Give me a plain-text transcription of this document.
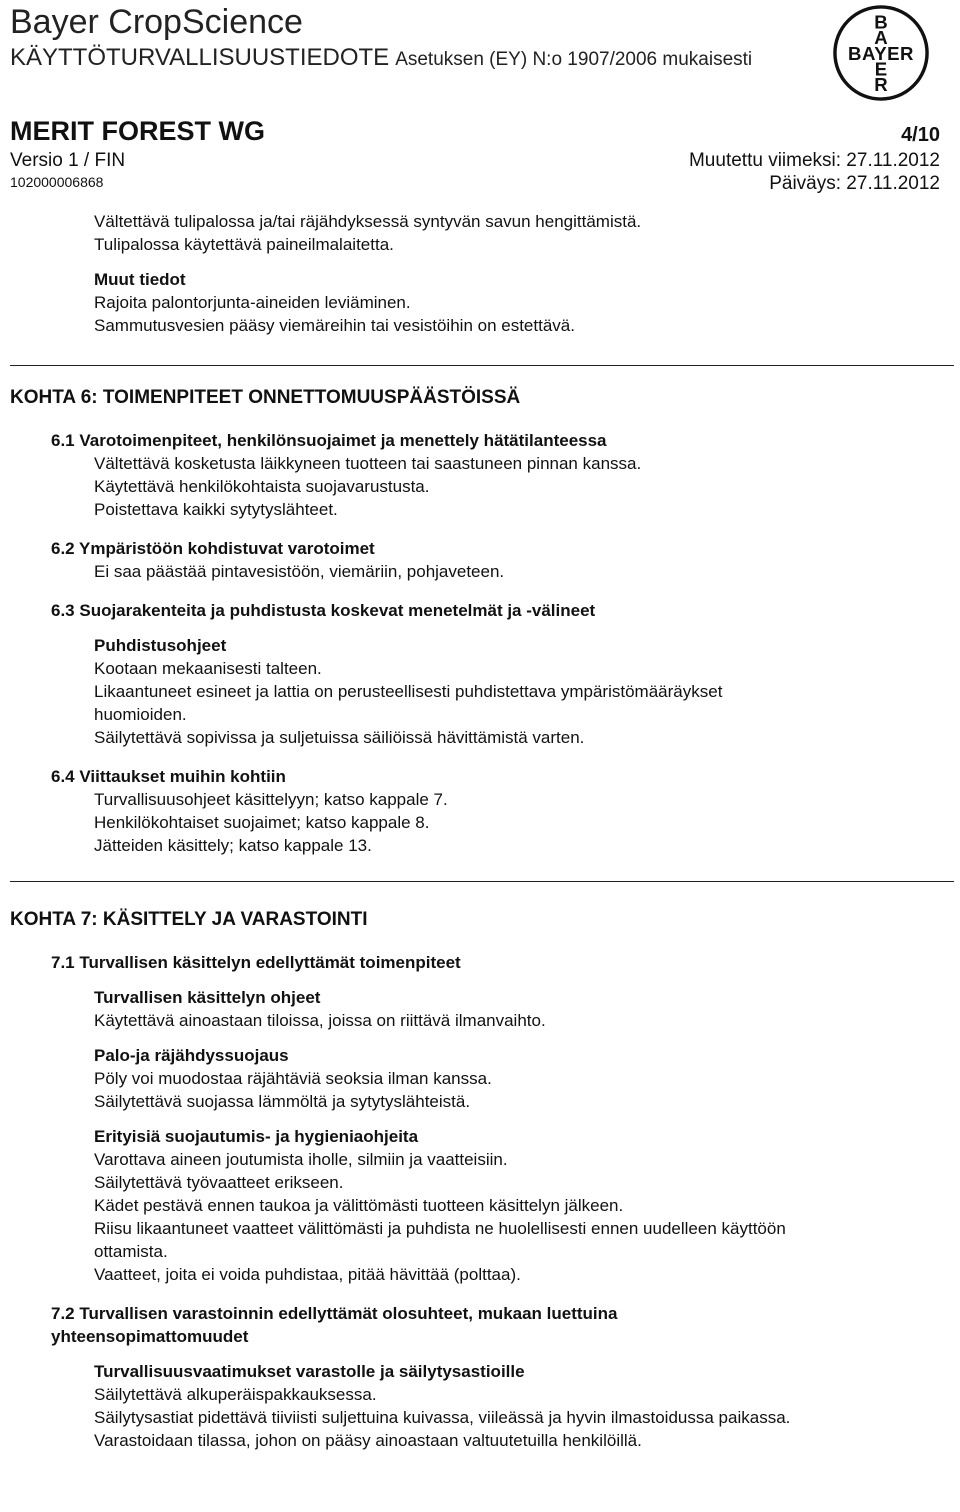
Bayer CropScience
KÄYTTÖTURVALLISUUSTIEDOTE Asetuksen (EY) N:o 1907/2006 mukaisesti
B
A
BAYER
E
R
MERIT FOREST WG	4/10
Versio 1 / FIN	Muutettu viimeksi: 27.11.2012
102000006868	Päiväys: 27.11.2012
Vältettävä tulipalossa ja/tai räjähdyksessä syntyvän savun hengittämistä.
Tulipalossa käytettävä paineilmalaitetta.
Muut tiedot
Rajoita palontorjunta-aineiden leviäminen.
Sammutusvesien pääsy viemäreihin tai vesistöihin on estettävä.
KOHTA 6: TOIMENPITEET ONNETTOMUUSPÄÄSTÖISSÄ
6.1 Varotoimenpiteet, henkilönsuojaimet ja menettely hätätilanteessa
Vältettävä kosketusta läikkyneen tuotteen tai saastuneen pinnan kanssa.
Käytettävä henkilökohtaista suojavarustusta.
Poistettava kaikki sytytyslähteet.
6.2 Ympäristöön kohdistuvat varotoimet
Ei saa päästää pintavesistöön, viemäriin, pohjaveteen.
6.3 Suojarakenteita ja puhdistusta koskevat menetelmät ja -välineet
Puhdistusohjeet
Kootaan mekaanisesti talteen.
Likaantuneet esineet ja lattia on perusteellisesti puhdistettava ympäristömääräykset
huomioiden.
Säilytettävä sopivissa ja suljetuissa säiliöissä hävittämistä varten.
6.4 Viittaukset muihin kohtiin
Turvallisuusohjeet käsittelyyn; katso kappale 7.
Henkilökohtaiset suojaimet; katso kappale 8.
Jätteiden käsittely; katso kappale 13.
KOHTA 7: KÄSITTELY JA VARASTOINTI
7.1 Turvallisen käsittelyn edellyttämät toimenpiteet
Turvallisen käsittelyn ohjeet
Käytettävä ainoastaan tiloissa, joissa on riittävä ilmanvaihto.
Palo-ja räjähdyssuojaus
Pöly voi muodostaa räjähtäviä seoksia ilman kanssa.
Säilytettävä suojassa lämmöltä ja sytytyslähteistä.
Erityisiä suojautumis- ja hygieniaohjeita
Varottava aineen joutumista iholle, silmiin ja vaatteisiin.
Säilytettävä työvaatteet erikseen.
Kädet pestävä ennen taukoa ja välittömästi tuotteen käsittelyn jälkeen.
Riisu likaantuneet vaatteet välittömästi ja puhdista ne huolellisesti ennen uudelleen käyttöön
ottamista.
Vaatteet, joita ei voida puhdistaa, pitää hävittää (polttaa).
7.2 Turvallisen varastoinnin edellyttämät olosuhteet, mukaan luettuina
yhteensopimattomuudet
Turvallisuusvaatimukset varastolle ja säilytysastioille
Säilytettävä alkuperäispakkauksessa.
Säilytysastiat pidettävä tiiviisti suljettuina kuivassa, viileässä ja hyvin ilmastoidussa paikassa.
Varastoidaan tilassa, johon on pääsy ainoastaan valtuutetuilla henkilöillä.
